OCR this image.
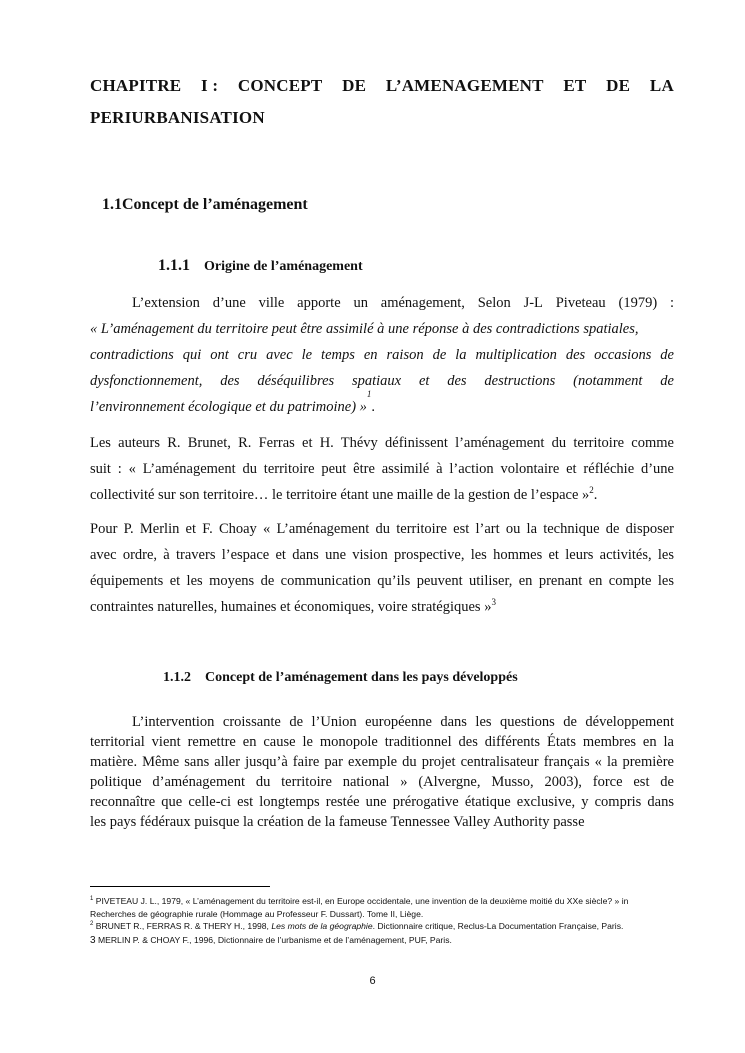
CHAPITRE I : CONCEPT DE L’AMENAGEMENT ET DE LA
PERIURBANISATION
1.1Concept de l’aménagement
1.1.1 Origine de l’aménagement
L’extension d’une ville apporte un aménagement, Selon J-L Piveteau (1979) :
« L’aménagement du territoire peut être assimilé à une réponse à des contradictions spatiales,
contradictions qui ont cru avec le temps en raison de la multiplication des occasions de
dysfonctionnement, des déséquilibres spatiaux et des destructions (notamment de
l’environnement écologique et du patrimoine) »
1
.
Les auteurs R. Brunet, R. Ferras et H. Thévy définissent l’aménagement du territoire comme
suit : « L’aménagement du territoire peut être assimilé à l’action volontaire et réfléchie d’une
collectivité sur son territoire… le territoire étant une maille de la gestion de l’espace »$^2$.
Pour P. Merlin et F. Choay « L’aménagement du territoire est l’art ou la technique de disposer
avec ordre, à travers l’espace et dans une vision prospective, les hommes et leurs activités, les
équipements et les moyens de communication qu’ils peuvent utiliser, en prenant en compte les
contraintes naturelles, humaines et économiques, voire stratégiques »$^3$
1.1.2 Concept de l’aménagement dans les pays développés
L’intervention croissante de l’Union européenne dans les questions de développement
territorial vient remettre en cause le monopole traditionnel des différents États membres en la
matière. Même sans aller jusqu’à faire par exemple du projet centralisateur français « la première
politique d’aménagement du territoire national » (Alvergne, Musso, 2003), force est de
reconnaître que celle-ci est longtemps restée une prérogative étatique exclusive, y compris dans
les pays fédéraux puisque la création de la fameuse Tennessee Valley Authority passe
$^1$ PIVETEAU J. L., 1979, « L’aménagement du territoire est-il, en Europe occidentale, une invention de la deuxième moitié du XXe siècle? » in
Recherches de géographie rurale (Hommage au Professeur F. Dussart). Tome II, Liège.
$^2$ BRUNET R., FERRAS R. & THERY H., 1998, Les mots de la géographie. Dictionnaire critique, Reclus-La Documentation Française, Paris.
3 MERLIN P. & CHOAY F., 1996, Dictionnaire de l’urbanisme et de l’aménagement, PUF, Paris.
6
